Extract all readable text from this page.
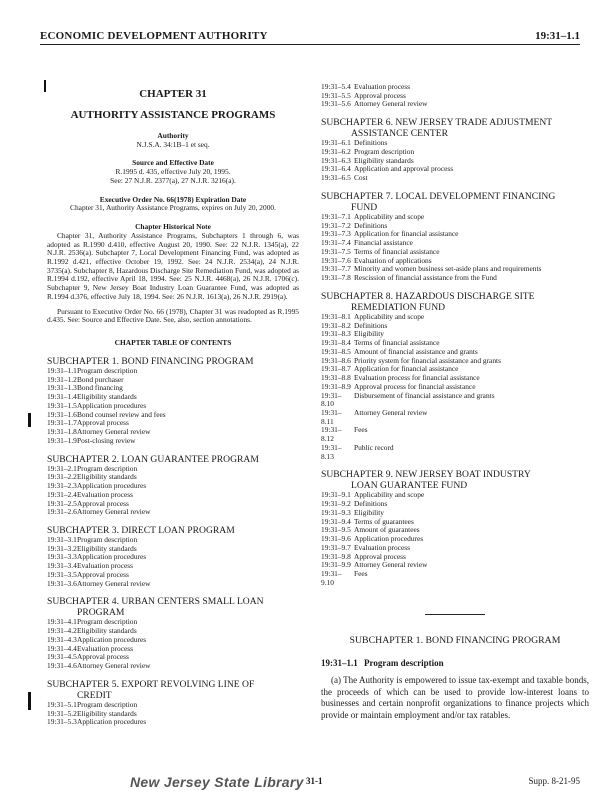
ECONOMIC DEVELOPMENT AUTHORITY	19:31–1.1
CHAPTER 31
AUTHORITY ASSISTANCE PROGRAMS
Authority
N.J.S.A. 34:1B–1 et seq.
Source and Effective Date
R.1995 d. 435, effective July 20, 1995.
See: 27 N.J.R. 2377(a), 27 N.J.R. 3216(a).
Executive Order No. 66(1978) Expiration Date
Chapter 31, Authority Assistance Programs, expires on July 20, 2000.
Chapter Historical Note
Chapter 31, Authority Assistance Programs, Subchapters 1 through 6, was adopted as R.1990 d.410, effective August 20, 1990. See: 22 N.J.R. 1345(a), 22 N.J.R. 2536(a). Subchapter 7, Local Development Financing Fund, was adopted as R.1992 d.421, effective October 19, 1992. See: 24 N.J.R. 2534(a), 24 N.J.R. 3735(a). Subchapter 8, Hazardous Discharge Site Remediation Fund, was adopted as R.1994 d.192, effective April 18, 1994. See: 25 N.J.R. 4468(a), 26 N.J.R. 1706(c). Subchapter 9, New Jersey Boat Industry Loan Guarantee Fund, was adopted as R.1994 d.376, effective July 18, 1994. See: 26 N.J.R. 1613(a), 26 N.J.R. 2919(a).
Pursuant to Executive Order No. 66 (1978), Chapter 31 was readopted as R.1995 d.435. See: Source and Effective Date. See, also, section annotations.
CHAPTER TABLE OF CONTENTS
SUBCHAPTER 1. BOND FINANCING PROGRAM
19:31–1.1 Program description
19:31–1.2 Bond purchaser
19:31–1.3 Bond financing
19:31–1.4 Eligibility standards
19:31–1.5 Application procedures
19:31–1.6 Bond counsel review and fees
19:31–1.7 Approval process
19:31–1.8 Attorney General review
19:31–1.9 Post-closing review
SUBCHAPTER 2. LOAN GUARANTEE PROGRAM
19:31–2.1 Program description
19:31–2.2 Eligibility standards
19:31–2.3 Application procedures
19:31–2.4 Evaluation process
19:31–2.5 Approval process
19:31–2.6 Attorney General review
SUBCHAPTER 3. DIRECT LOAN PROGRAM
19:31–3.1 Program description
19:31–3.2 Eligibility standards
19:31–3.3 Application procedures
19:31–3.4 Evaluation process
19:31–3.5 Approval process
19:31–3.6 Attorney General review
SUBCHAPTER 4. URBAN CENTERS SMALL LOAN
PROGRAM
19:31–4.1 Program description
19:31–4.2 Eligibility standards
19:31–4.3 Application procedures
19:31–4.4 Evaluation process
19:31–4.5 Approval process
19:31–4.6 Attorney General review
SUBCHAPTER 5. EXPORT REVOLVING LINE OF
CREDIT
19:31–5.1 Program description
19:31–5.2 Eligibility standards
19:31–5.3 Application procedures
19:31–5.4 Evaluation process
19:31–5.5 Approval process
19:31–5.6 Attorney General review
SUBCHAPTER 6. NEW JERSEY TRADE ADJUSTMENT
ASSISTANCE CENTER
19:31–6.1 Definitions
19:31–6.2 Program description
19:31–6.3 Eligibility standards
19:31–6.4 Application and approval process
19:31–6.5 Cost
SUBCHAPTER 7. LOCAL DEVELOPMENT FINANCING
FUND
19:31–7.1 Applicability and scope
19:31–7.2 Definitions
19:31–7.3 Application for financial assistance
19:31–7.4 Financial assistance
19:31–7.5 Terms of financial assistance
19:31–7.6 Evaluation of applications
19:31–7.7 Minority and women business set-aside plans and requirements
19:31–7.8 Rescission of financial assistance from the Fund
SUBCHAPTER 8. HAZARDOUS DISCHARGE SITE
REMEDIATION FUND
19:31–8.1 Applicability and scope
19:31–8.2 Definitions
19:31–8.3 Eligibility
19:31–8.4 Terms of financial assistance
19:31–8.5 Amount of financial assistance and grants
19:31–8.6 Priority system for financial assistance and grants
19:31–8.7 Application for financial assistance
19:31–8.8 Evaluation process for financial assistance
19:31–8.9 Approval process for financial assistance
19:31–8.10
Disbursement of financial assistance and grants
19:31–8.11
Attorney General review
19:31–8.12
Fees
19:31–8.13
Public record
SUBCHAPTER 9. NEW JERSEY BOAT INDUSTRY
LOAN GUARANTEE FUND
19:31–9.1 Applicability and scope
19:31–9.2 Definitions
19:31–9.3 Eligibility
19:31–9.4 Terms of guarantees
19:31–9.5 Amount of guarantees
19:31–9.6 Application procedures
19:31–9.7 Evaluation process
19:31–9.8 Approval process
19:31–9.9 Attorney General review
19:31–9.10
Fees
SUBCHAPTER 1. BOND FINANCING PROGRAM
19:31–1.1 Program description
(a) The Authority is empowered to issue tax-exempt and taxable bonds, the proceeds of which can be used to provide low-interest loans to businesses and certain nonprofit organizations to finance projects which provide or maintain employment and/or tax ratables.
New Jersey State Library 31-1	Supp. 8-21-95
